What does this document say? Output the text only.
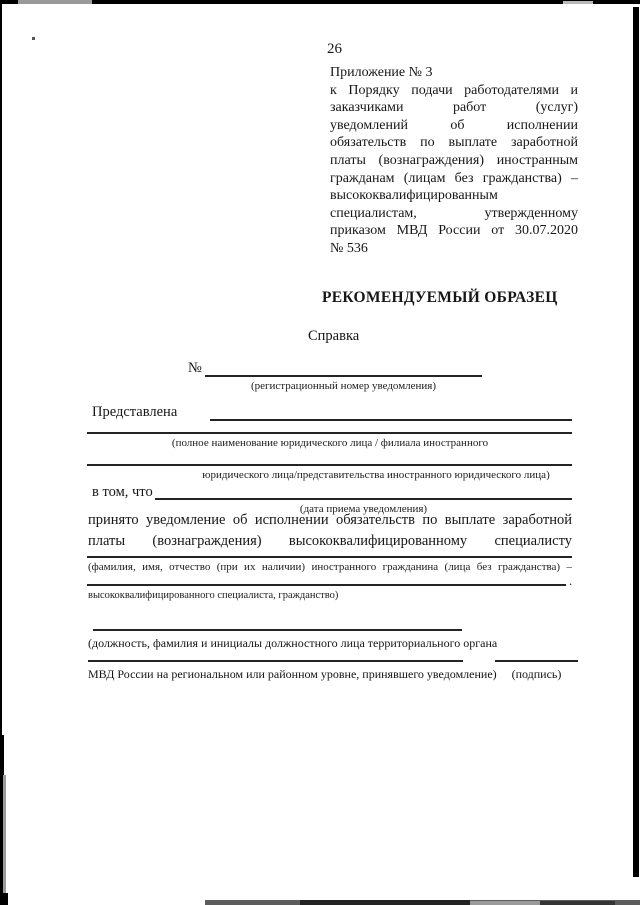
26
Приложение № 3
к Порядку подачи работодателями и
заказчиками работ (услуг)
уведомлений об исполнении
обязательств по выплате заработной
платы (вознаграждения) иностранным
гражданам (лицам без гражданства) –
высококвалифицированным
специалистам, утвержденному
приказом МВД России от 30.07.2020
№ 536
РЕКОМЕНДУЕМЫЙ ОБРАЗЕЦ
Справка
№
(регистрационный номер уведомления)
Представлена
(полное наименование юридического лица / филиала иностранного
юридического лица/представительства иностранного юридического лица)
в том, что
(дата приема уведомления)
принято уведомление об исполнении обязательств по выплате заработной
платы (вознаграждения) высококвалифицированному специалисту
(фамилия, имя, отчество (при их наличии) иностранного гражданина (лица без гражданства) –
.
высококвалифицированного специалиста, гражданство)
(должность, фамилия и инициалы должностного лица территориального органа
МВД России на региональном или районном уровне, принявшего уведомление)	(подпись)
